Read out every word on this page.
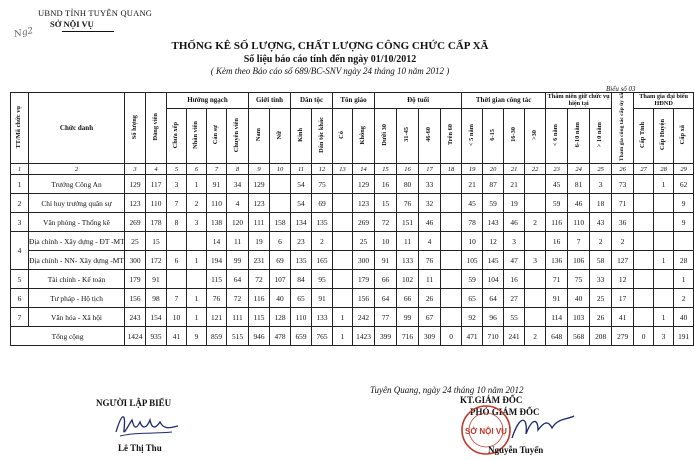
UBND TỈNH TUYÊN QUANG
SỞ NỘI VỤ
Ng2
THỐNG KÊ SỐ LƯỢNG, CHẤT LƯỢNG CÔNG CHỨC CẤP XÃ
Số liệu báo cáo tính đến ngày 01/10/2012
( Kèm theo Báo cáo số 689/BC-SNV ngày 24 tháng 10 năm 2012 )
Biểu số 03
TT/Mã chức vụ	Chức danh	Số lượng	Đảng viên	Hướng ngạch				Giới tính		Dân tộc		Tôn giáo		Độ tuổi				Thời gian công tác				Thâm niên giữ chức vụ hiện tại			Tham gia công tác cấp ủy xã	Tham gia đại biểu HĐND		
				Chưa xếp	Nhân viên	Cán sự	Chuyên viên	Nam	Nữ	Kinh	Dân tộc khác	Có	Không	Dưới 30	31-45	46-60	Trên 60	< 5 năm	6-15	16-30	>30	< 6 năm	6-10 năm	> 10 năm		Cấp Tỉnh	Cấp Huyện	Cấp xã
1	2	3	4	5	6	7	8	9	10	11	12	13	14	15	16	17	18	19	20	21	22	23	24	25	26	27	28	29
1	Trưởng Công An	129	117	3	1	91	34	129		54	75		129	16	80	33		21	87	21		45	81	3	73		1	62
2	Chỉ huy trưởng quân sự	123	110	7	2	110	4	123		54	69		123	15	76	32		45	59	19		59	46	18	71			9
3	Văn phòng - Thống kê	269	178	8	3	138	120	111	158	134	135		269	72	151	46		78	143	46	2	116	110	43	36			9
4	Địa chính - Xây dựng - ĐT -MT	25	15			14	11	19	6	23	2		25	10	11	4		10	12	3		16	7	2	2			
	Địa chính - NN- Xây dựng -MT	300	172	6	1	194	99	231	69	135	165		300	91	133	76		105	145	47	3	136	106	58	127		1	28
5	Tài chính - Kế toán	179	91			115	64	72	107	84	95		179	66	102	11		59	104	16		71	75	33	12			1
6	Tư pháp - Hộ tịch	156	98	7	1	76	72	116	40	65	91		156	64	66	26		65	64	27		91	40	25	17			2
7	Văn hóa - Xã hội	243	154	10	1	121	111	115	128	110	133	1	242	77	99	67		92	96	55		114	103	26	41		1	40
Tổng cộng		1424	935	41	9	859	515	946	478	659	765	1	1423	399	716	309	0	471	710	241	2	648	568	208	279	0	3	191
Tuyên Quang, ngày 24 tháng 10 năm 2012
NGƯỜI LẬP BIỂU	KT.GIÁM ĐỐC
PHÓ GIÁM ĐỐC
SỞ NỘI VỤ
Lê Thị Thu	Nguyễn Tuyến
